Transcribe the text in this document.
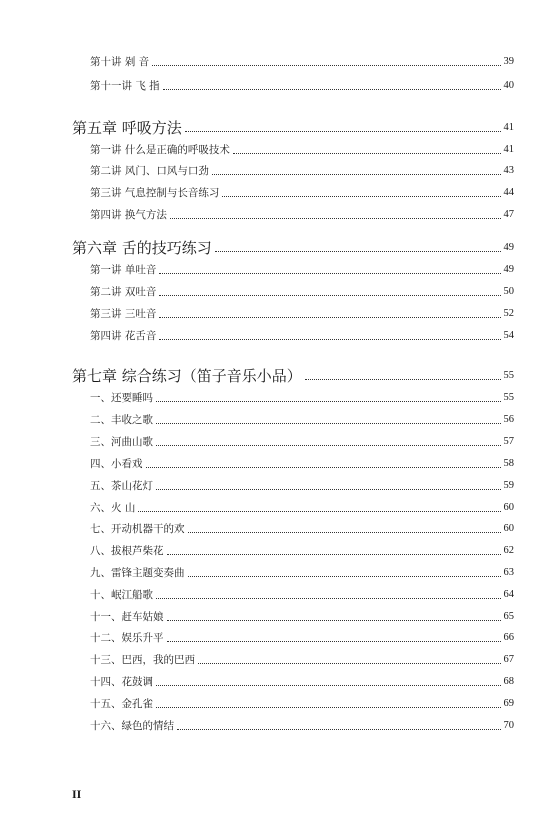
第十讲 剁 音	39
第十一讲 飞 指	40
第五章 呼吸方法	41
第一讲 什么是正确的呼吸技术	41
第二讲 风门、口风与口劲	43
第三讲 气息控制与长音练习	44
第四讲 换气方法	47
第六章 舌的技巧练习	49
第一讲 单吐音	49
第二讲 双吐音	50
第三讲 三吐音	52
第四讲 花舌音	54
第七章 综合练习（笛子音乐小品）	55
一、还要睡吗	55
二、丰收之歌	56
三、河曲山歌	57
四、小看戏	58
五、茶山花灯	59
六、火 山	60
七、开动机器干的欢	60
八、拔根芦柴花	62
九、雷锋主题变奏曲	63
十、岷江船歌	64
十一、赶车姑娘	65
十二、娱乐升平	66
十三、巴西，我的巴西	67
十四、花鼓调	68
十五、金孔雀	69
十六、绿色的情结	70
II
